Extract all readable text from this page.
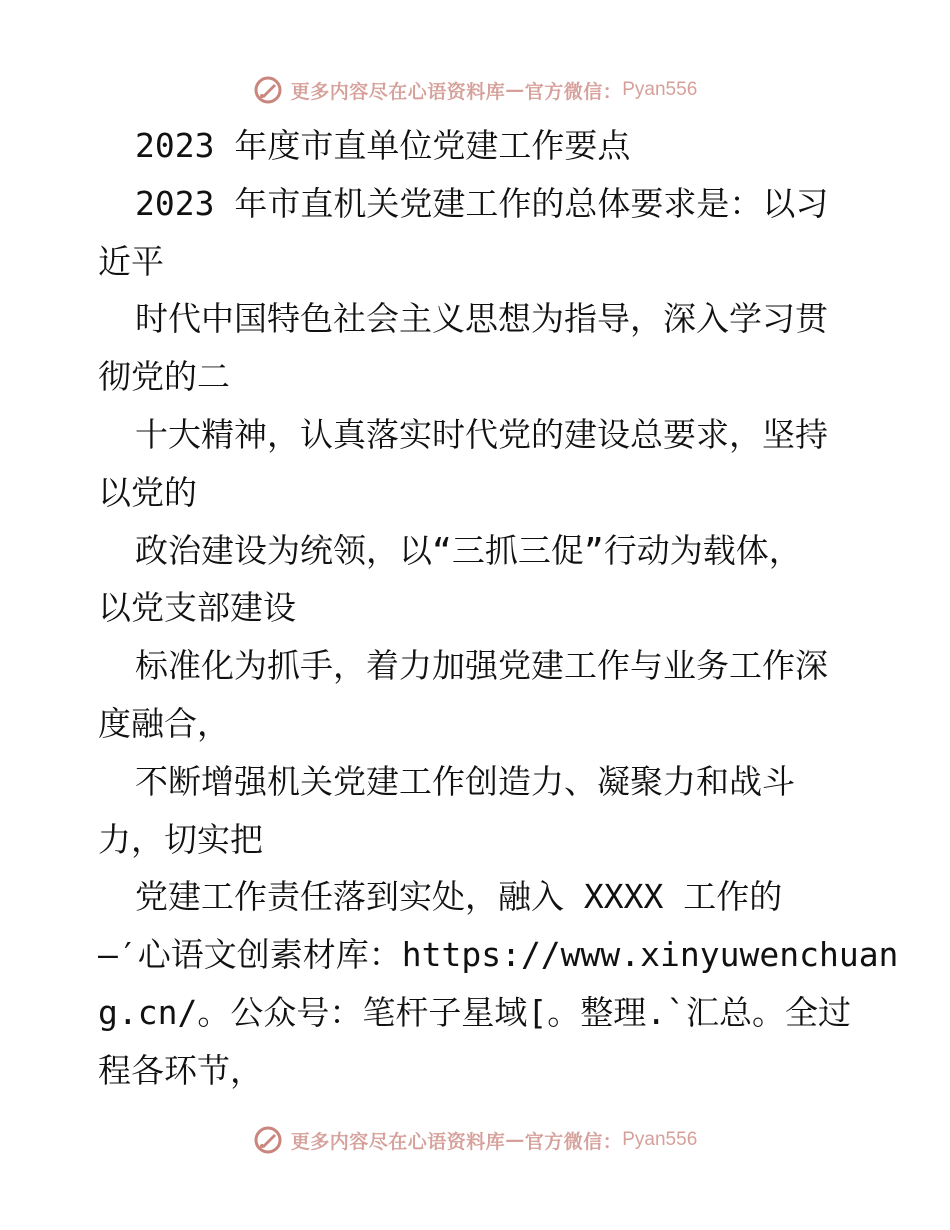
更多内容尽在心语资料库 — 官方微信： Pyan556
2023 年度市直单位党建工作要点
2023 年市直机关党建工作的总体要求是：以习
近平
时代中国特色社会主义思想为指导，深入学习贯
彻党的二
十大精神，认真落实时代党的建设总要求，坚持
以党的
政治建设为统领，以“三抓三促”行动为载体，
以党支部建设
标准化为抓手，着力加强党建工作与业务工作深
度融合，
不断增强机关党建工作创造力、凝聚力和战斗
力，切实把
党建工作责任落到实处，融入 XXXX 工作的
—′心语文创素材库：https://www.xinyuwenchuan
g.cn/。公众号：笔杆子星域[。整理.`汇总。全过
程各环节，
更多内容尽在心语资料库 — 官方微信： Pyan556
